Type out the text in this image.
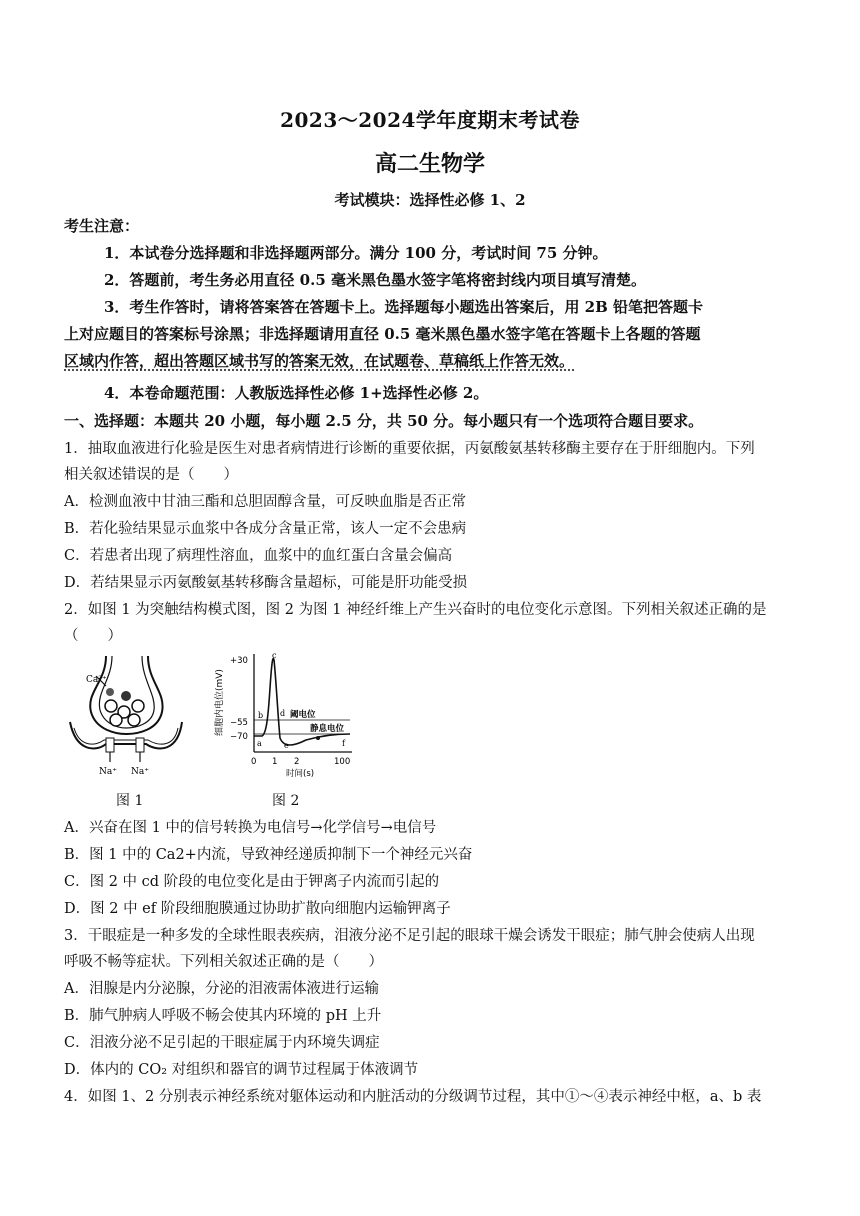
2023～2024学年度期末考试卷
高二生物学
考试模块：选择性必修 1、2
考生注意：
1．本试卷分选择题和非选择题两部分。满分 100 分，考试时间 75 分钟。
2．答题前，考生务必用直径 0.5 毫米黑色墨水签字笔将密封线内项目填写清楚。
3．考生作答时，请将答案答在答题卡上。选择题每小题选出答案后，用 2B 铅笔把答题卡
上对应题目的答案标号涂黑；非选择题请用直径 0.5 毫米黑色墨水签字笔在答题卡上各题的答题
区域内作答，超出答题区域书写的答案无效，在试题卷、草稿纸上作答无效。
4．本卷命题范围：人教版选择性必修 1+选择性必修 2。
一、选择题：本题共 20 小题，每小题 2.5 分，共 50 分。每小题只有一个选项符合题目要求。
1．抽取血液进行化验是医生对患者病情进行诊断的重要依据，丙氨酸氨基转移酶主要存在于肝细胞内。下列
相关叙述错误的是（　　）
A．检测血液中甘油三酯和总胆固醇含量，可反映血脂是否正常
B．若化验结果显示血浆中各成分含量正常，该人一定不会患病
C．若患者出现了病理性溶血，血浆中的血红蛋白含量会偏高
D．若结果显示丙氨酸氨基转移酶含量超标，可能是肝功能受损
2．如图 1 为突触结构模式图，图 2 为图 1 神经纤维上产生兴奋时的电位变化示意图。下列相关叙述正确的是
（　　）
Ca²⁺
Na⁺ Na⁺
图 1
细胞内电位(mV)
+30
−55
−70
a
b
c
d
e	f
阈电位
静息电位
0 1 2	100
时间(s)
图 2
A．兴奋在图 1 中的信号转换为电信号→化学信号→电信号
B．图 1 中的 Ca2+内流，导致神经递质抑制下一个神经元兴奋
C．图 2 中 cd 阶段的电位变化是由于钾离子内流而引起的
D．图 2 中 ef 阶段细胞膜通过协助扩散向细胞内运输钾离子
3．干眼症是一种多发的全球性眼表疾病，泪液分泌不足引起的眼球干燥会诱发干眼症；肺气肿会使病人出现
呼吸不畅等症状。下列相关叙述正确的是（　　）
A．泪腺是内分泌腺，分泌的泪液需体液进行运输
B．肺气肿病人呼吸不畅会使其内环境的 pH 上升
C．泪液分泌不足引起的干眼症属于内环境失调症
D．体内的 CO₂ 对组织和器官的调节过程属于体液调节
4．如图 1、2 分别表示神经系统对躯体运动和内脏活动的分级调节过程，其中①～④表示神经中枢，a、b 表
